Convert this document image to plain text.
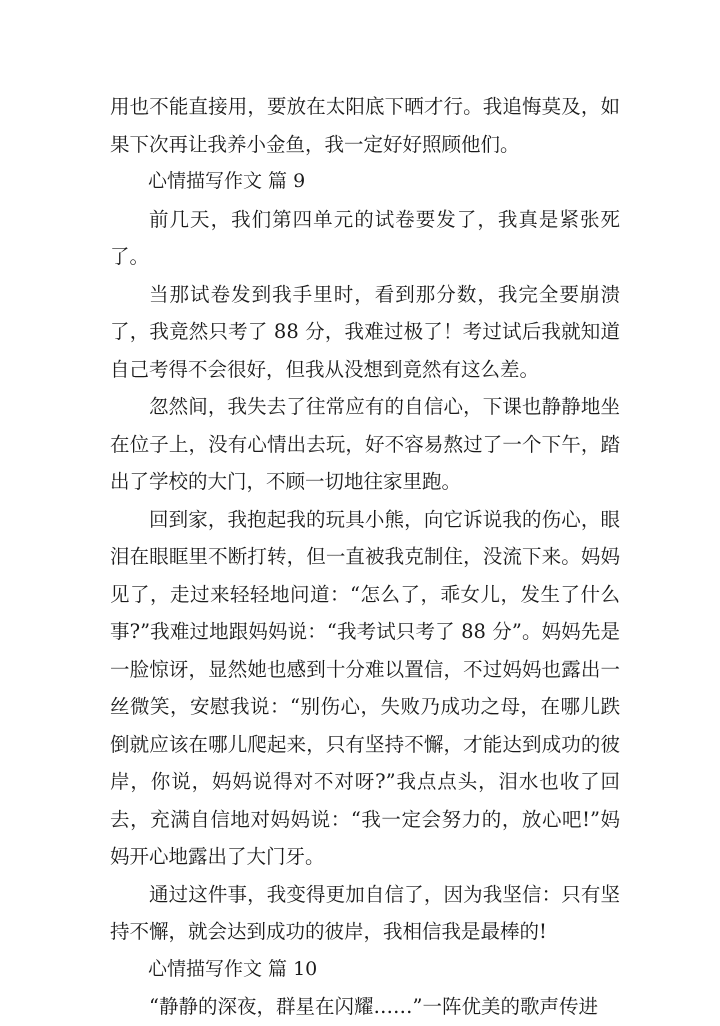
用也不能直接用，要放在太阳底下晒才行。我追悔莫及，如果下次再让我养小金鱼，我一定好好照顾他们。

心情描写作文 篇 9

前几天，我们第四单元的试卷要发了，我真是紧张死了。

当那试卷发到我手里时，看到那分数，我完全要崩溃了，我竟然只考了 88 分，我难过极了！考过试后我就知道自己考得不会很好，但我从没想到竟然有这么差。

忽然间，我失去了往常应有的自信心，下课也静静地坐在位子上，没有心情出去玩，好不容易熬过了一个下午，踏出了学校的大门，不顾一切地往家里跑。

回到家，我抱起我的玩具小熊，向它诉说我的伤心，眼泪在眼眶里不断打转，但一直被我克制住，没流下来。妈妈见了，走过来轻轻地问道：“怎么了，乖女儿，发生了什么事?”我难过地跟妈妈说：“我考试只考了 88 分”。妈妈先是一脸惊讶，显然她也感到十分难以置信，不过妈妈也露出一丝微笑，安慰我说：“别伤心，失败乃成功之母，在哪儿跌倒就应该在哪儿爬起来，只有坚持不懈，才能达到成功的彼岸，你说，妈妈说得对不对呀?”我点点头，泪水也收了回去，充满自信地对妈妈说：“我一定会努力的，放心吧!”妈妈开心地露出了大门牙。

通过这件事，我变得更加自信了，因为我坚信：只有坚持不懈，就会达到成功的彼岸，我相信我是最棒的!

心情描写作文 篇 10

“静静的深夜，群星在闪耀……”一阵优美的歌声传进
